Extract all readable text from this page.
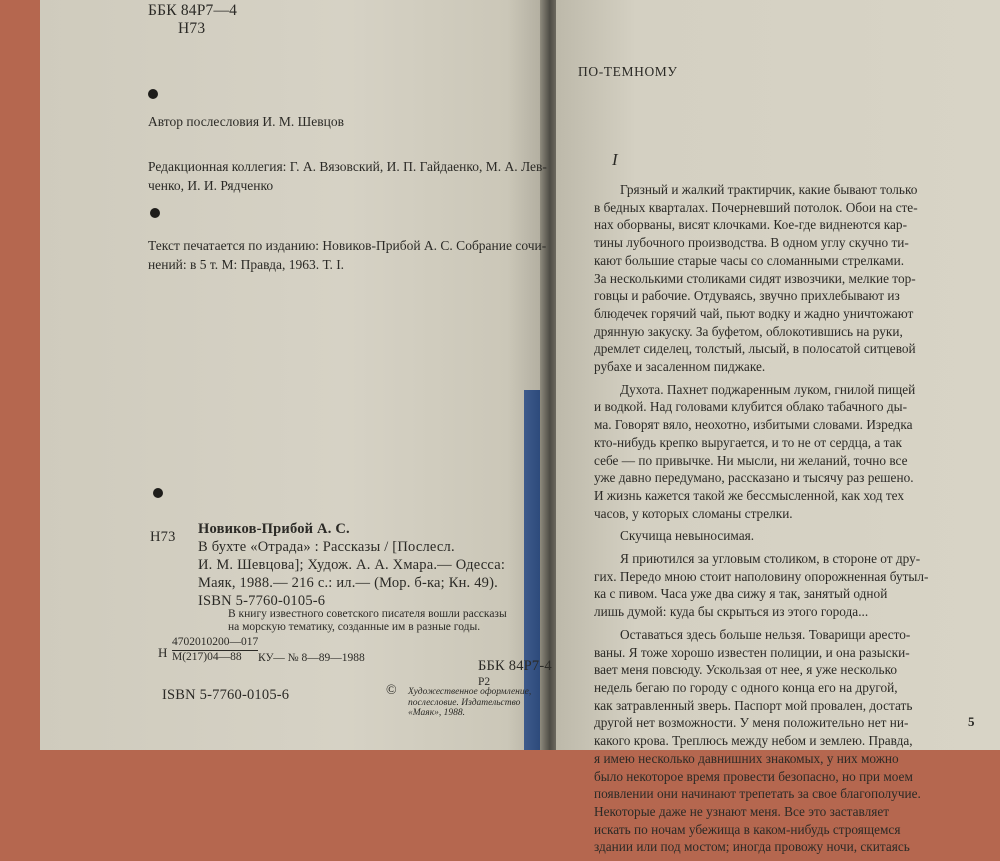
ББК 84Р7—4

Н73

Автор послесловия И. М. Шевцов

Редакционная коллегия: Г. А. Вязовский, И. П. Гайдаенко, М. А. Лев-
ченко, И. И. Рядченко
Текст печатается по изданию: Новиков-Прибой А. С. Собрание сочи-
нений: в 5 т. М: Правда, 1963. Т. I.

Н73 Новиков-Прибой А. С.
В бухте «Отрада» : Рассказы / [Послесл.
И. М. Шевцова]; Худож. А. А. Хмара.— Одесса:
Маяк, 1988.— 216 с.: ил.— (Мор. б-ка; Кн. 49).
ISBN 5-7760-0105-6
В книгу известного советского писателя вошли рассказы
на морскую тематику, созданные им в разные годы.

Н

4702010200—017
М(217)04—88	КУ— № 8—89—1988	ББК 84Р7-4

Р2

ISBN 5-7760-0105-6	© Художественное оформление,
послесловие. Издательство
«Маяк», 1988.

ПО-ТЕМНОМУ

I

Грязный и жалкий трактирчик, какие бывают только

в бедных кварталах. Почерневший потолок. Обои на сте-

нах оборваны, висят клочками. Кое-где виднеются кар-

тины лубочного производства. В одном углу скучно ти-

кают большие старые часы со сломанными стрелками.

За несколькими столиками сидят извозчики, мелкие тор-

говцы и рабочие. Отдуваясь, звучно прихлебывают из

блюдечек горячий чай, пьют водку и жадно уничтожают

дрянную закуску. За буфетом, облокотившись на руки,

дремлет сиделец, толстый, лысый, в полосатой ситцевой

рубахе и засаленном пиджаке.

Духота. Пахнет поджаренным луком, гнилой пищей

и водкой. Над головами клубится облако табачного ды-

ма. Говорят вяло, неохотно, избитыми словами. Изредка

кто-нибудь крепко выругается, и то не от сердца, а так

себе — по привычке. Ни мысли, ни желаний, точно все

уже давно передумано, рассказано и тысячу раз решено.

И жизнь кажется такой же бессмысленной, как ход тех

часов, у которых сломаны стрелки.

Скучища невыносимая.

Я приютился за угловым столиком, в стороне от дру-

гих. Передо мною стоит наполовину опорожненная бутыл-

ка с пивом. Часа уже два сижу я так, занятый одной

лишь думой: куда бы скрыться из этого города...

Оставаться здесь больше нельзя. Товарищи аресто-

ваны. Я тоже хорошо известен полиции, и она разыски-

вает меня повсюду. Ускользая от нее, я уже несколько

недель бегаю по городу с одного конца его на другой,

как затравленный зверь. Паспорт мой провален, достать

другой нет возможности. У меня положительно нет ни-

какого крова. Треплюсь между небом и землею. Правда,

я имею несколько давнишних знакомых, у них можно

было некоторое время провести безопасно, но при моем

появлении они начинают трепетать за свое благополучие.

Некоторые даже не узнают меня. Все это заставляет

искать по ночам убежища в каком-нибудь строящемся

здании или под мостом; иногда провожу ночи, скитаясь

5
